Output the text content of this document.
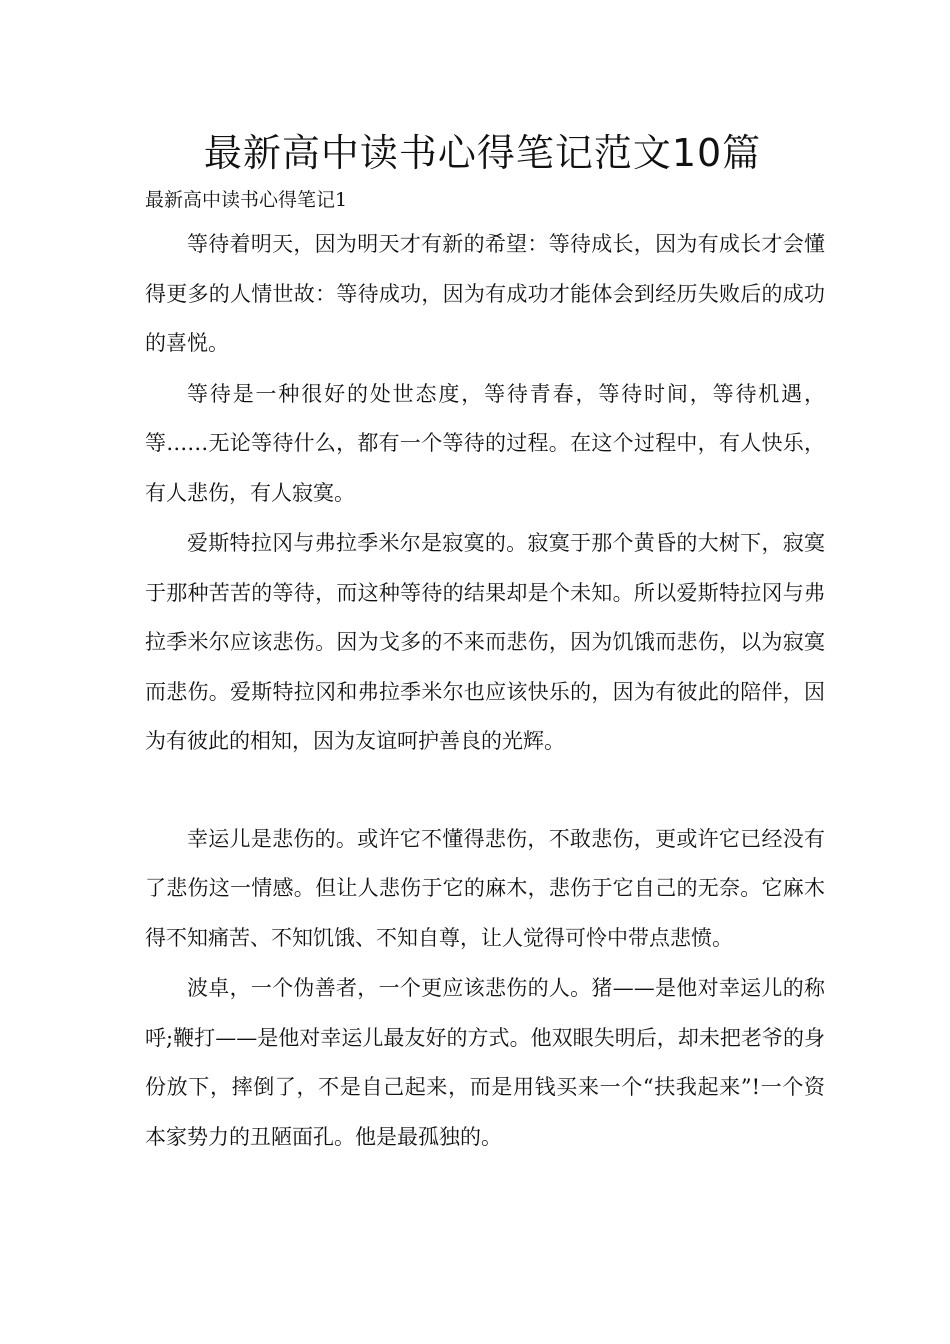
最新高中读书心得笔记范文10篇
最新高中读书心得笔记1

等待着明天，因为明天才有新的希望：等待成长，因为有成长才会懂得更多的人情世故：等待成功，因为有成功才能体会到经历失败后的成功的喜悦。

等待是一种很好的处世态度，等待青春，等待时间，等待机遇，等……无论等待什么，都有一个等待的过程。在这个过程中，有人快乐，有人悲伤，有人寂寞。

爱斯特拉冈与弗拉季米尔是寂寞的。寂寞于那个黄昏的大树下，寂寞于那种苦苦的等待，而这种等待的结果却是个未知。所以爱斯特拉冈与弗拉季米尔应该悲伤。因为戈多的不来而悲伤，因为饥饿而悲伤，以为寂寞而悲伤。爱斯特拉冈和弗拉季米尔也应该快乐的，因为有彼此的陪伴，因为有彼此的相知，因为友谊呵护善良的光辉。

幸运儿是悲伤的。或许它不懂得悲伤，不敢悲伤，更或许它已经没有了悲伤这一情感。但让人悲伤于它的麻木，悲伤于它自己的无奈。它麻木得不知痛苦、不知饥饿、不知自尊，让人觉得可怜中带点悲愤。

波卓，一个伪善者，一个更应该悲伤的人。猪——是他对幸运儿的称呼;鞭打——是他对幸运儿最友好的方式。他双眼失明后，却未把老爷的身份放下，摔倒了，不是自己起来，而是用钱买来一个“扶我起来”!一个资本家势力的丑陋面孔。他是最孤独的。
